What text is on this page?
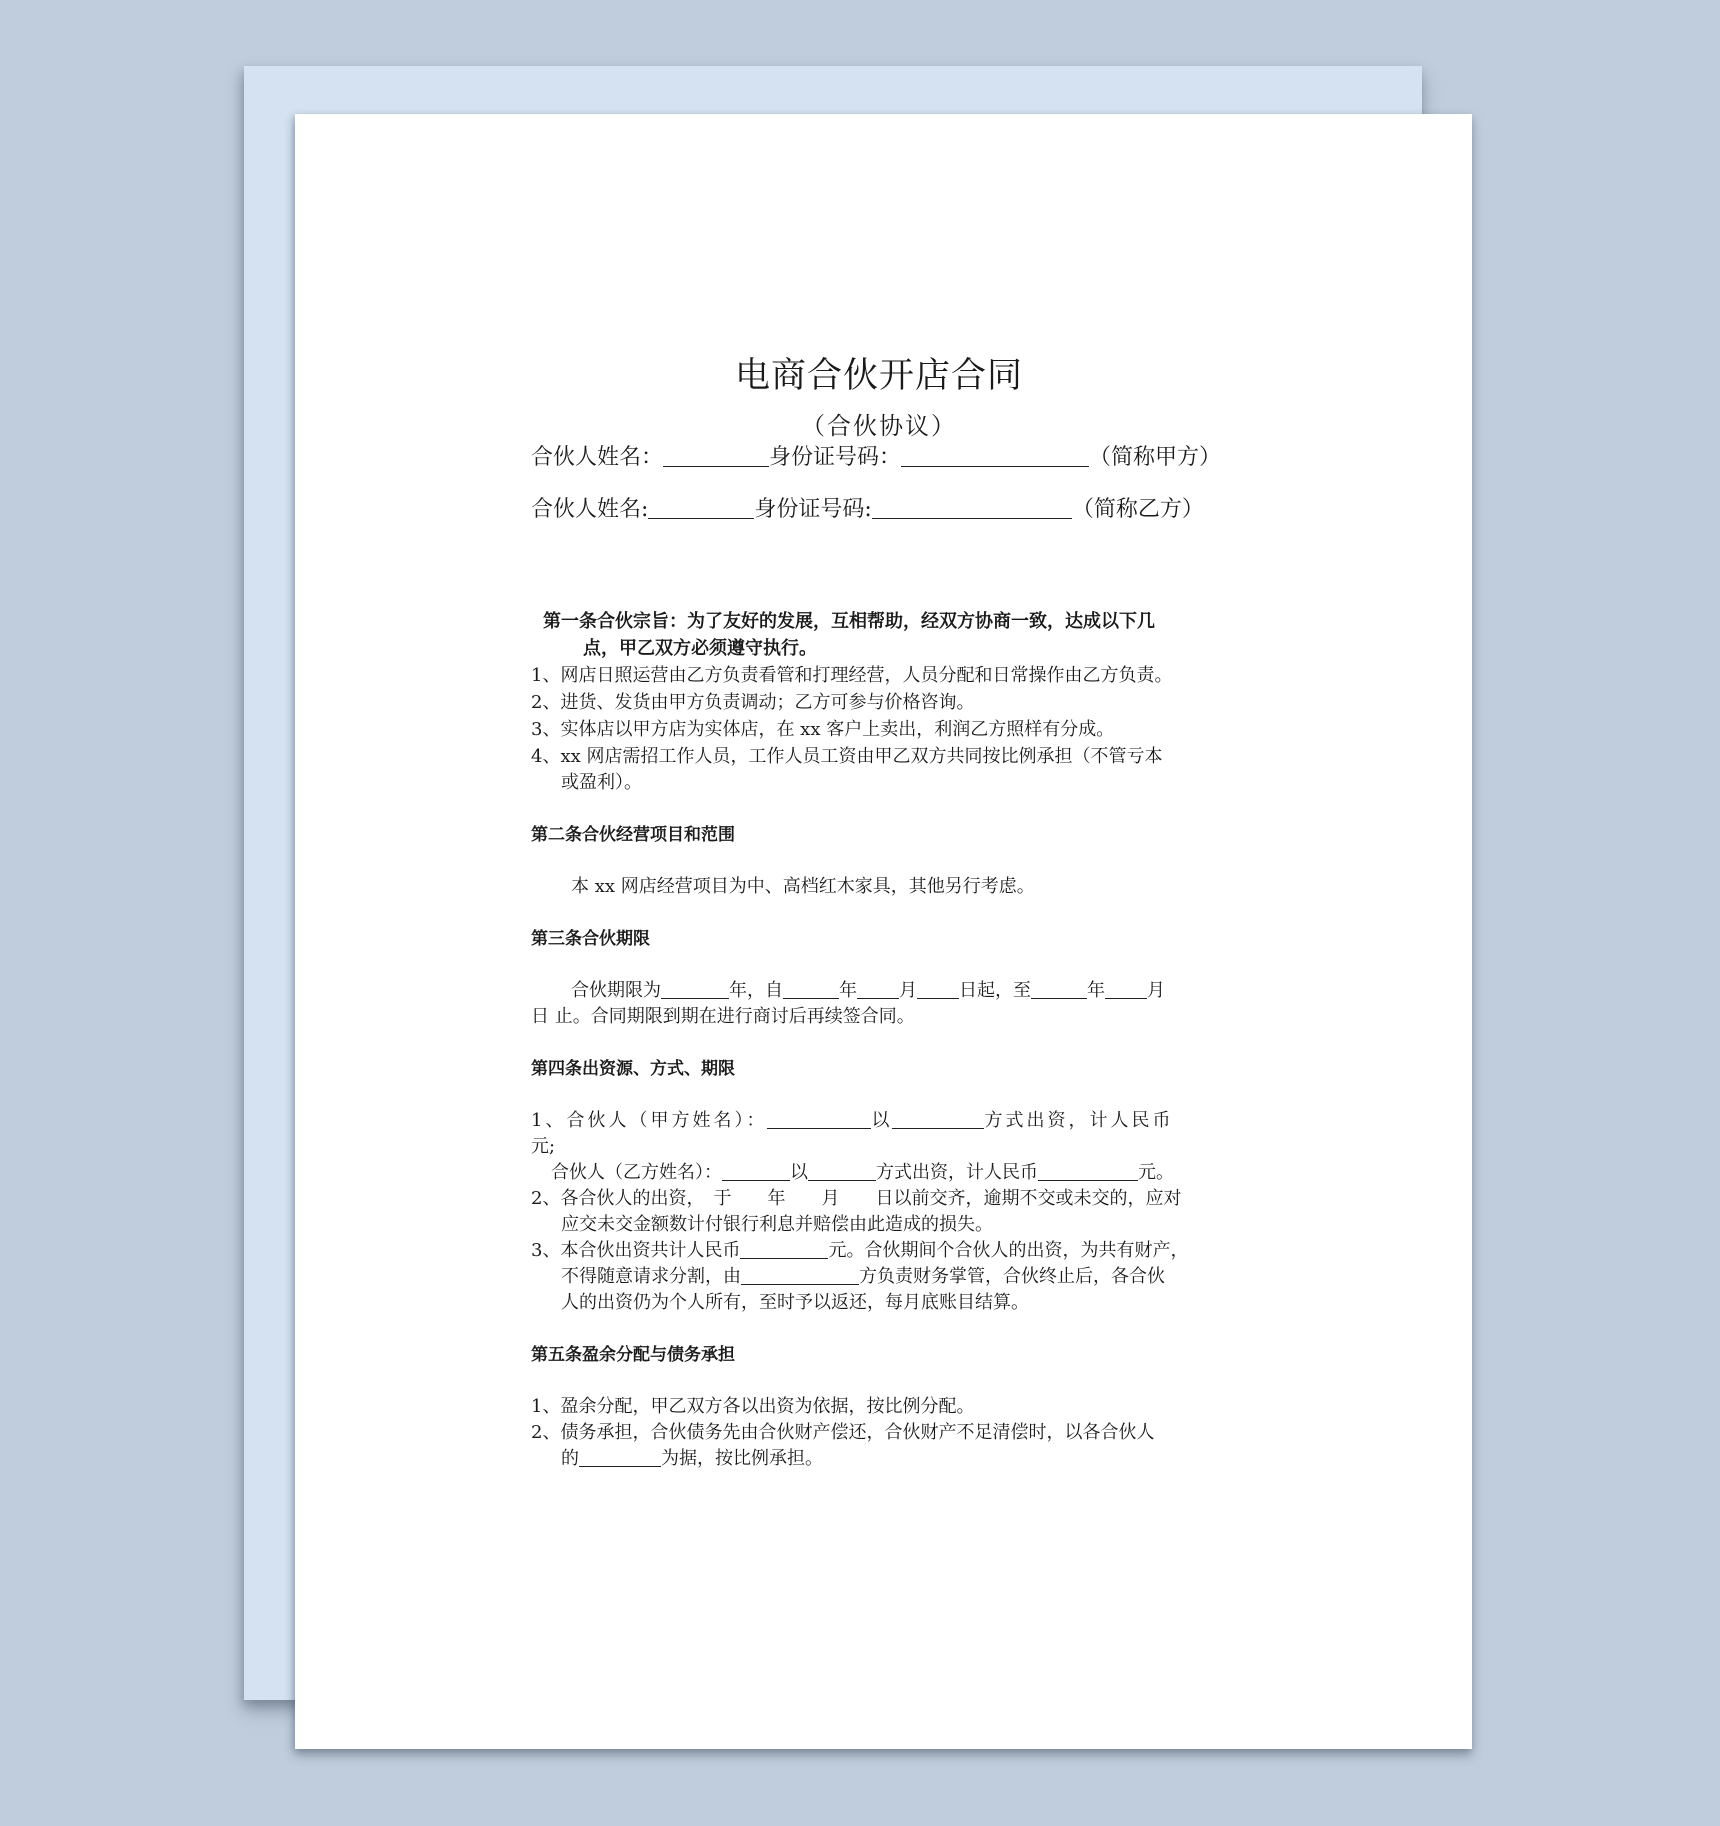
电商合伙开店合同
（合伙协议）
合伙人姓名：	身份证号码：	（简称甲方）
合伙人姓名:	身份证号码:	（简称乙方）
第一条合伙宗旨：为了友好的发展，互相帮助，经双方协商一致，达成以下几
点，甲乙双方必须遵守执行。
1、网店日照运营由乙方负责看管和打理经营，人员分配和日常操作由乙方负责。
2、进货、发货由甲方负责调动；乙方可参与价格咨询。
3、实体店以甲方店为实体店，在 xx 客户上卖出，利润乙方照样有分成。
4、xx 网店需招工作人员，工作人员工资由甲乙双方共同按比例承担（不管亏本
或盈利）。
第二条合伙经营项目和范围
本 xx 网店经营项目为中、高档红木家具，其他另行考虑。
第三条合伙期限
合伙期限为	年，自	年 月 日起，至	年 月
日 止。合同期限到期在进行商讨后再续签合同。
第四条出资源、方式、期限
1、合伙人（甲方姓名）：	以	方式出资，计人民币
元;
合伙人（乙方姓名）：	以	方式出资，计人民币	元。
2、各合伙人的出资，　于　　年　　月　　日以前交齐，逾期不交或未交的，应对
应交未交金额数计付银行利息并赔偿由此造成的损失。
3、本合伙出资共计人民币	元。合伙期间个合伙人的出资，为共有财产，
不得随意请求分割，由	方负责财务掌管，合伙终止后，各合伙
人的出资仍为个人所有，至时予以返还，每月底账目结算。
第五条盈余分配与债务承担
1、盈余分配，甲乙双方各以出资为依据，按比例分配。
2、债务承担，合伙债务先由合伙财产偿还，合伙财产不足清偿时，以各合伙人
的	为据，按比例承担。
